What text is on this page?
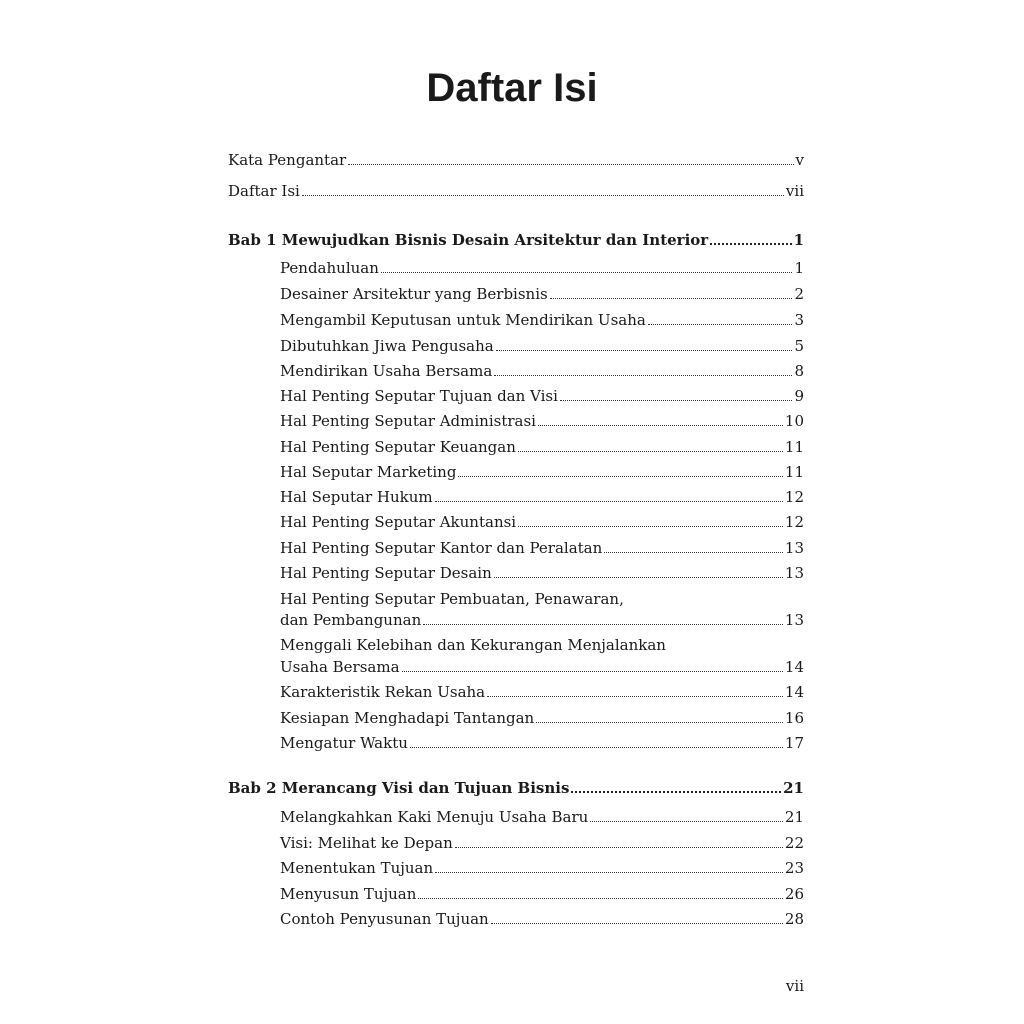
Daftar Isi
Kata Pengantar	v
Daftar Isi	vii
Bab 1 Mewujudkan Bisnis Desain Arsitektur dan Interior	1
Pendahuluan	1
Desainer Arsitektur yang Berbisnis	2
Mengambil Keputusan untuk Mendirikan Usaha	3
Dibutuhkan Jiwa Pengusaha	5
Mendirikan Usaha Bersama	8
Hal Penting Seputar Tujuan dan Visi	9
Hal Penting Seputar Administrasi	10
Hal Penting Seputar Keuangan	11
Hal Seputar Marketing	11
Hal Seputar Hukum	12
Hal Penting Seputar Akuntansi	12
Hal Penting Seputar Kantor dan Peralatan	13
Hal Penting Seputar Desain	13
Hal Penting Seputar Pembuatan, Penawaran,
dan Pembangunan	13
Menggali Kelebihan dan Kekurangan Menjalankan
Usaha Bersama	14
Karakteristik Rekan Usaha	14
Kesiapan Menghadapi Tantangan	16
Mengatur Waktu	17
Bab 2 Merancang Visi dan Tujuan Bisnis	21
Melangkahkan Kaki Menuju Usaha Baru	21
Visi: Melihat ke Depan	22
Menentukan Tujuan	23
Menyusun Tujuan	26
Contoh Penyusunan Tujuan	28
vii
